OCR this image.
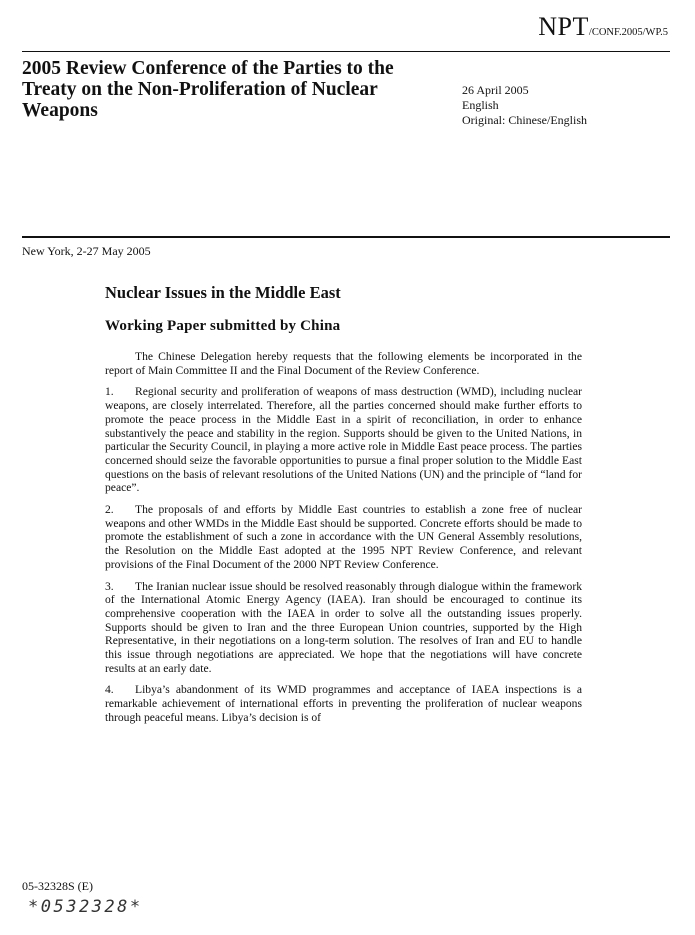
NPT/CONF.2005/WP.5
2005 Review Conference of the Parties to the Treaty on the Non-Proliferation of Nuclear Weapons
26 April 2005
English
Original: Chinese/English
New York, 2-27 May 2005
Nuclear Issues in the Middle East
Working Paper submitted by China

The Chinese Delegation hereby requests that the following elements be incorporated in the report of Main Committee II and the Final Document of the Review Conference.

1. Regional security and proliferation of weapons of mass destruction (WMD), including nuclear weapons, are closely interrelated. Therefore, all the parties concerned should make further efforts to promote the peace process in the Middle East in a spirit of reconciliation, in order to enhance substantively the peace and stability in the region. Supports should be given to the United Nations, in particular the Security Council, in playing a more active role in Middle East peace process. The parties concerned should seize the favorable opportunities to pursue a final proper solution to the Middle East questions on the basis of relevant resolutions of the United Nations (UN) and the principle of “land for peace”.

2. The proposals of and efforts by Middle East countries to establish a zone free of nuclear weapons and other WMDs in the Middle East should be supported. Concrete efforts should be made to promote the establishment of such a zone in accordance with the UN General Assembly resolutions, the Resolution on the Middle East adopted at the 1995 NPT Review Conference, and relevant provisions of the Final Document of the 2000 NPT Review Conference.

3. The Iranian nuclear issue should be resolved reasonably through dialogue within the framework of the International Atomic Energy Agency (IAEA). Iran should be encouraged to continue its comprehensive cooperation with the IAEA in order to solve all the outstanding issues properly. Supports should be given to Iran and the three European Union countries, supported by the High Representative, in their negotiations on a long-term solution. The resolves of Iran and EU to handle this issue through negotiations are appreciated. We hope that the negotiations will have concrete results at an early date.

4. Libya’s abandonment of its WMD programmes and acceptance of IAEA inspections is a remarkable achievement of international efforts in preventing the proliferation of nuclear weapons through peaceful means. Libya’s decision is of

05-32328S (E)
*0532328*
